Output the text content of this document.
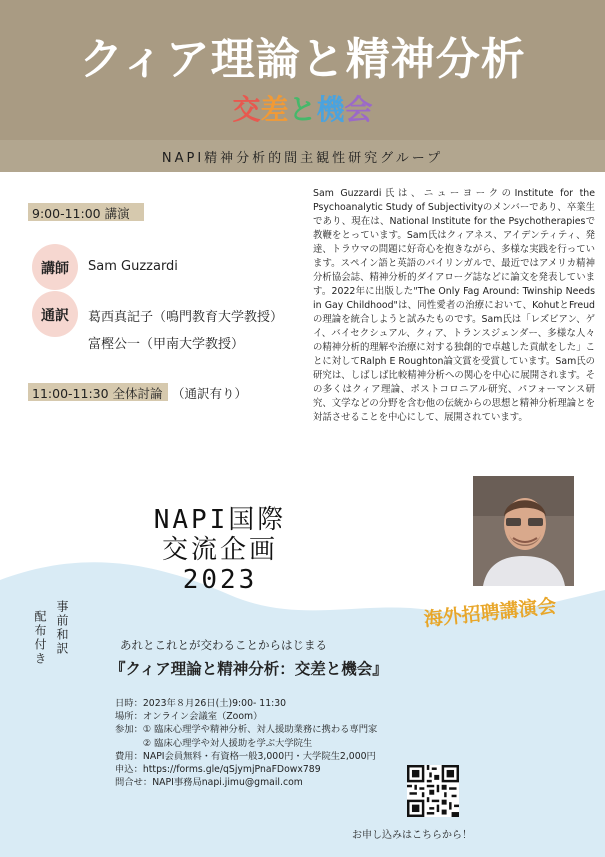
クィア理論と精神分析
交差と機会
NAPI精神分析的間主観性研究グループ
9:00-11:00 講演
講師 Sam Guzzardi
通訳 葛西真記子（鳴門教育大学教授）
富樫公一（甲南大学教授）
11:00-11:30 全体討論 （通訳有り）
Sam Guzzardi氏は、ニューヨークのInstitute for the Psychoanalytic Study of Subjectivityのメンバーであり、卒業生であり、現在は、National Institute for the Psychotherapiesで教鞭をとっています。Sam氏はクィアネス、アイデンティティ、発達、トラウマの問題に好奇心を抱きながら、多様な実践を行っています。スペイン語と英語のバイリンガルで、最近ではアメリカ精神分析協会誌、精神分析的ダイアローグ誌などに論文を発表しています。2022年に出版した"The Only Fag Around: Twinship Needs in Gay Childhood"は、同性愛者の治療において、KohutとFreudの理論を統合しようと試みたものです。Sam氏は「レズビアン、ゲイ、バイセクシュアル、クィア、トランスジェンダー、多様な人々の精神分析的理解や治療に対する独創的で卓越した貢献をした」ことに対してRalph E Roughton論文賞を受賞しています。Sam氏の研究は、しばしば比較精神分析への関心を中心に展開されます。その多くはクィア理論、ポストコロニアル研究、パフォーマンス研究、文学などの分野を含む他の伝統からの思想と精神分析理論とを対話させることを中心にして、展開されています。
NAPI国際
交流企画
2023
海外招聘講演会
事前和訳
配布付き	あれとこれとが交わることからはじまる
『クィア理論と精神分析：交差と機会』
日時：2023年８月26日(土)9:00- 11:30
場所：オンライン会議室（Zoom）
参加：① 臨床心理学や精神分析、対人援助業務に携わる専門家
　　　② 臨床心理学や対人援助を学ぶ大学院生
費用：NAPI会員無料・有資格一般3,000円・大学院生2,000円
申込：https://forms.gle/qSjymjPnaFDowx789
問合せ：NAPI事務局napi.jimu@gmail.com
お申し込みはこちらから！
